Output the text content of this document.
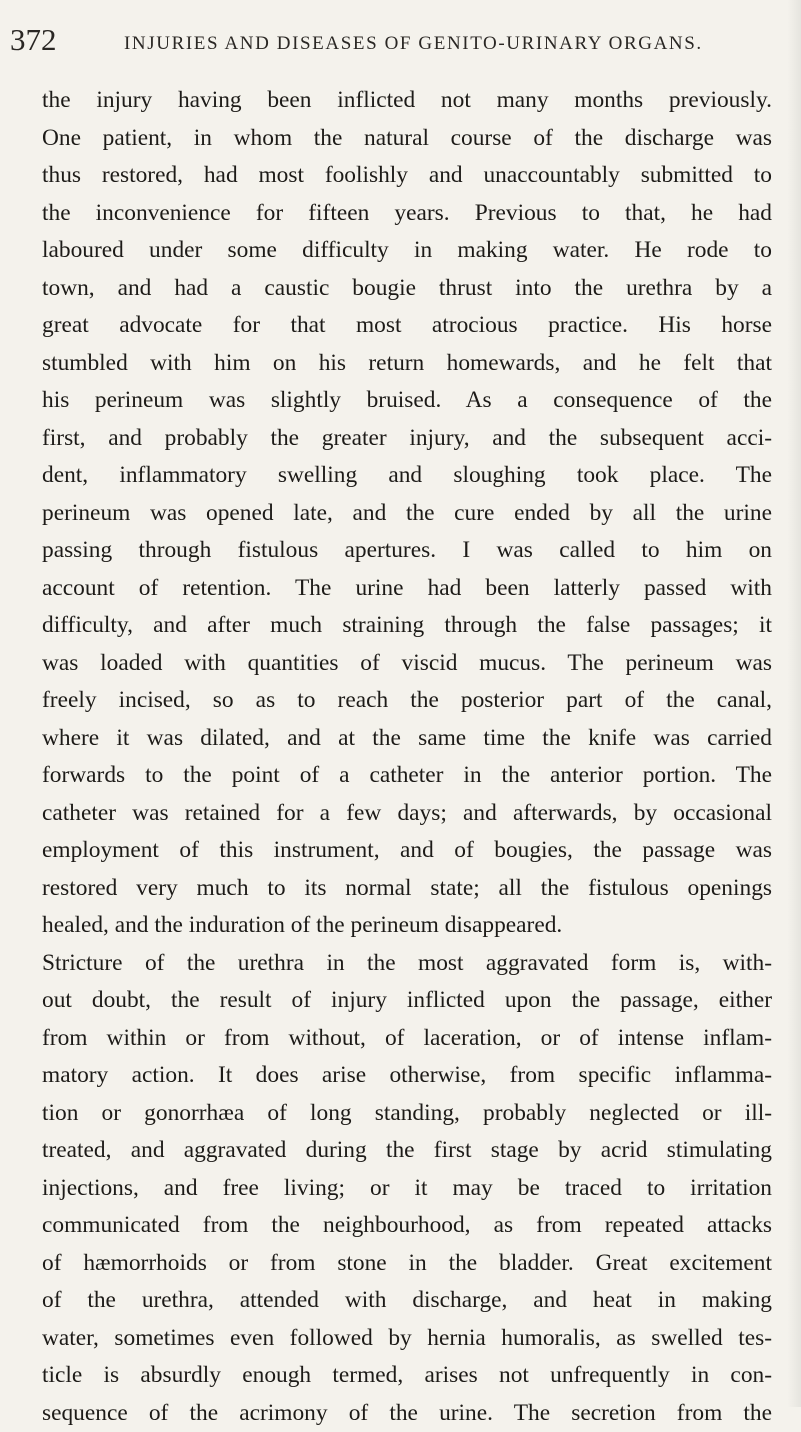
372	INJURIES AND DISEASES OF GENITO-URINARY ORGANS.
the injury having been inflicted not many months previously.
One patient, in whom the natural course of the discharge was
thus restored, had most foolishly and unaccountably submitted to
the inconvenience for fifteen years. Previous to that, he had
laboured under some difficulty in making water. He rode to
town, and had a caustic bougie thrust into the urethra by a
great advocate for that most atrocious practice. His horse
stumbled with him on his return homewards, and he felt that
his perineum was slightly bruised. As a consequence of the
first, and probably the greater injury, and the subsequent acci-
dent, inflammatory swelling and sloughing took place. The
perineum was opened late, and the cure ended by all the urine
passing through fistulous apertures. I was called to him on
account of retention. The urine had been latterly passed with
difficulty, and after much straining through the false passages; it
was loaded with quantities of viscid mucus. The perineum was
freely incised, so as to reach the posterior part of the canal,
where it was dilated, and at the same time the knife was carried
forwards to the point of a catheter in the anterior portion. The
catheter was retained for a few days; and afterwards, by occasional
employment of this instrument, and of bougies, the passage was
restored very much to its normal state; all the fistulous openings
healed, and the induration of the perineum disappeared.
Stricture of the urethra in the most aggravated form is, with-
out doubt, the result of injury inflicted upon the passage, either
from within or from without, of laceration, or of intense inflam-
matory action. It does arise otherwise, from specific inflamma-
tion or gonorrhæa of long standing, probably neglected or ill-
treated, and aggravated during the first stage by acrid stimulating
injections, and free living; or it may be traced to irritation
communicated from the neighbourhood, as from repeated attacks
of hæmorrhoids or from stone in the bladder. Great excitement
of the urethra, attended with discharge, and heat in making
water, sometimes even followed by hernia humoralis, as swelled tes-
ticle is absurdly enough termed, arises not unfrequently in con-
sequence of the acrimony of the urine. The secretion from the
